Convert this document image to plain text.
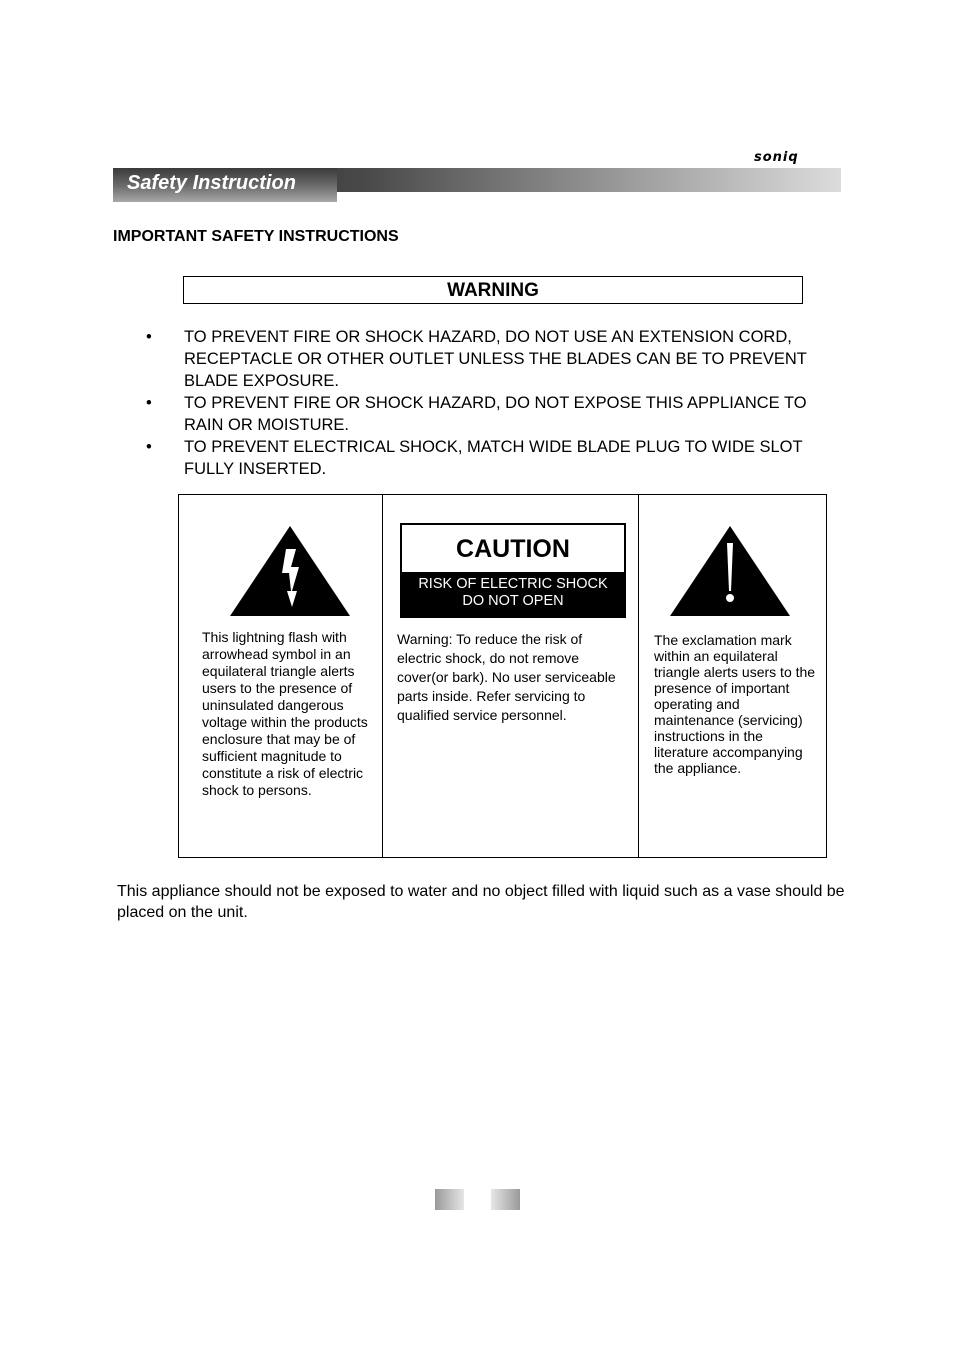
soniq
Safety Instruction
IMPORTANT SAFETY INSTRUCTIONS
WARNING
• TO PREVENT FIRE OR SHOCK HAZARD, DO NOT USE AN EXTENSION CORD, RECEPTACLE OR OTHER OUTLET UNLESS THE BLADES CAN BE TO PREVENT BLADE EXPOSURE.
• TO PREVENT FIRE OR SHOCK HAZARD, DO NOT EXPOSE THIS APPLIANCE TO RAIN OR MOISTURE.
• TO PREVENT ELECTRICAL SHOCK, MATCH WIDE BLADE PLUG TO WIDE SLOT FULLY INSERTED.
CAUTION
RISK OF ELECTRIC SHOCK
DO NOT OPEN
This lightning flash with arrowhead symbol in an equilateral triangle alerts users to the presence of uninsulated dangerous voltage within the products enclosure that may be of sufficient magnitude to constitute a risk of electric shock to persons.
Warning: To reduce the risk of electric shock, do not remove cover(or bark). No user serviceable parts inside. Refer servicing to qualified service personnel.
The exclamation mark within an equilateral triangle alerts users to the presence of important operating and maintenance (servicing) instructions in the literature accompanying the appliance.
This appliance should not be exposed to water and no object filled with liquid such as a vase should be placed on the unit.
